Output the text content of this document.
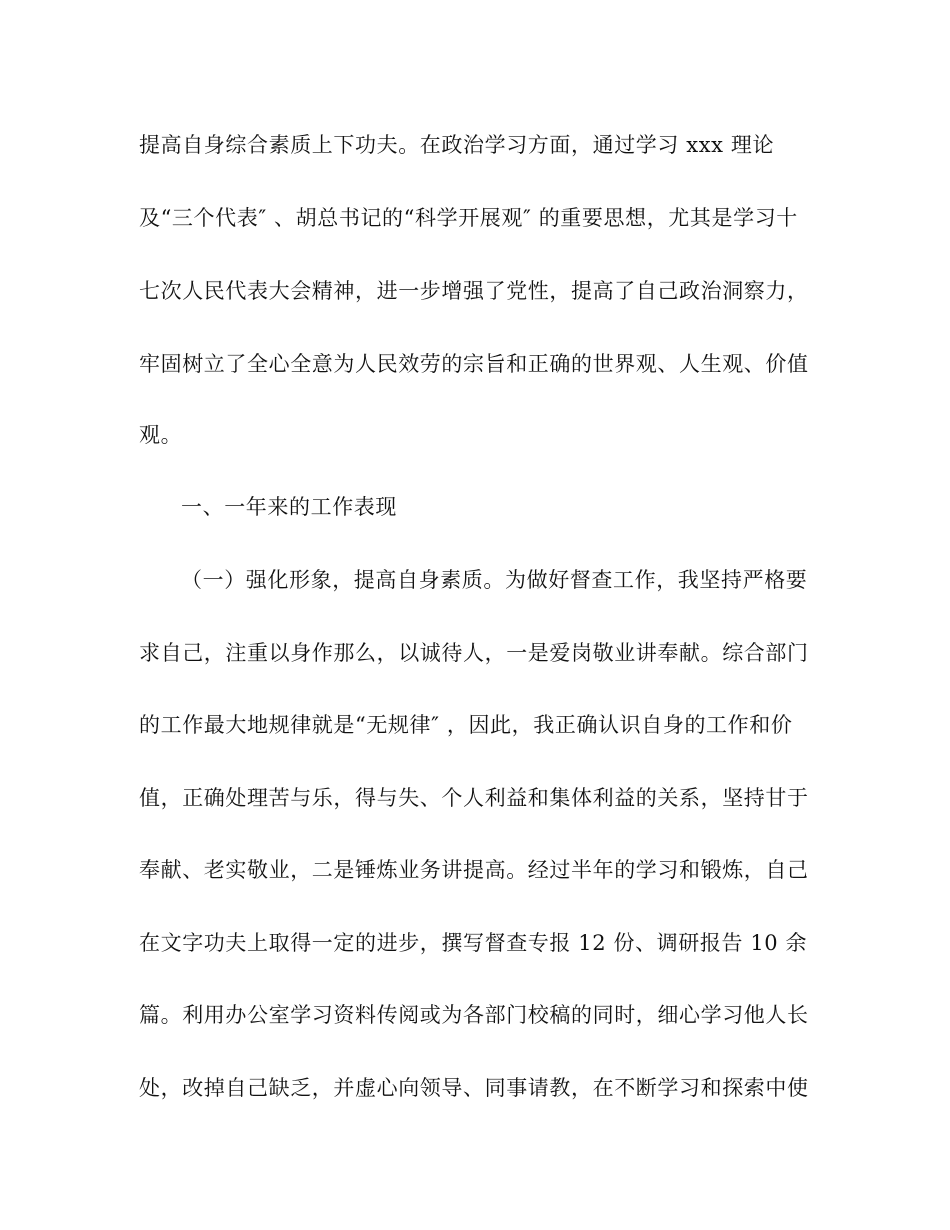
提高自身综合素质上下功夫。在政治学习方面，通过学习 xxx 理论
及“三个代表″ 、胡总书记的“科学开展观″ 的重要思想，尤其是学习十
七次人民代表大会精神，进一步增强了党性，提高了自己政治洞察力，
牢固树立了全心全意为人民效劳的宗旨和正确的世界观、人生观、价值
观。
一、一年来的工作表现
（一）强化形象，提高自身素质。为做好督查工作，我坚持严格要
求自己，注重以身作那么，以诚待人，一是爱岗敬业讲奉献。综合部门
的工作最大地规律就是“无规律″ ，因此，我正确认识自身的工作和价
值，正确处理苦与乐，得与失、个人利益和集体利益的关系，坚持甘于
奉献、老实敬业，二是锤炼业务讲提高。经过半年的学习和锻炼，自己
在文字功夫上取得一定的进步，撰写督查专报 12 份、调研报告 10 余
篇。利用办公室学习资料传阅或为各部门校稿的同时，细心学习他人长
处，改掉自己缺乏，并虚心向领导、同事请教，在不断学习和探索中使
